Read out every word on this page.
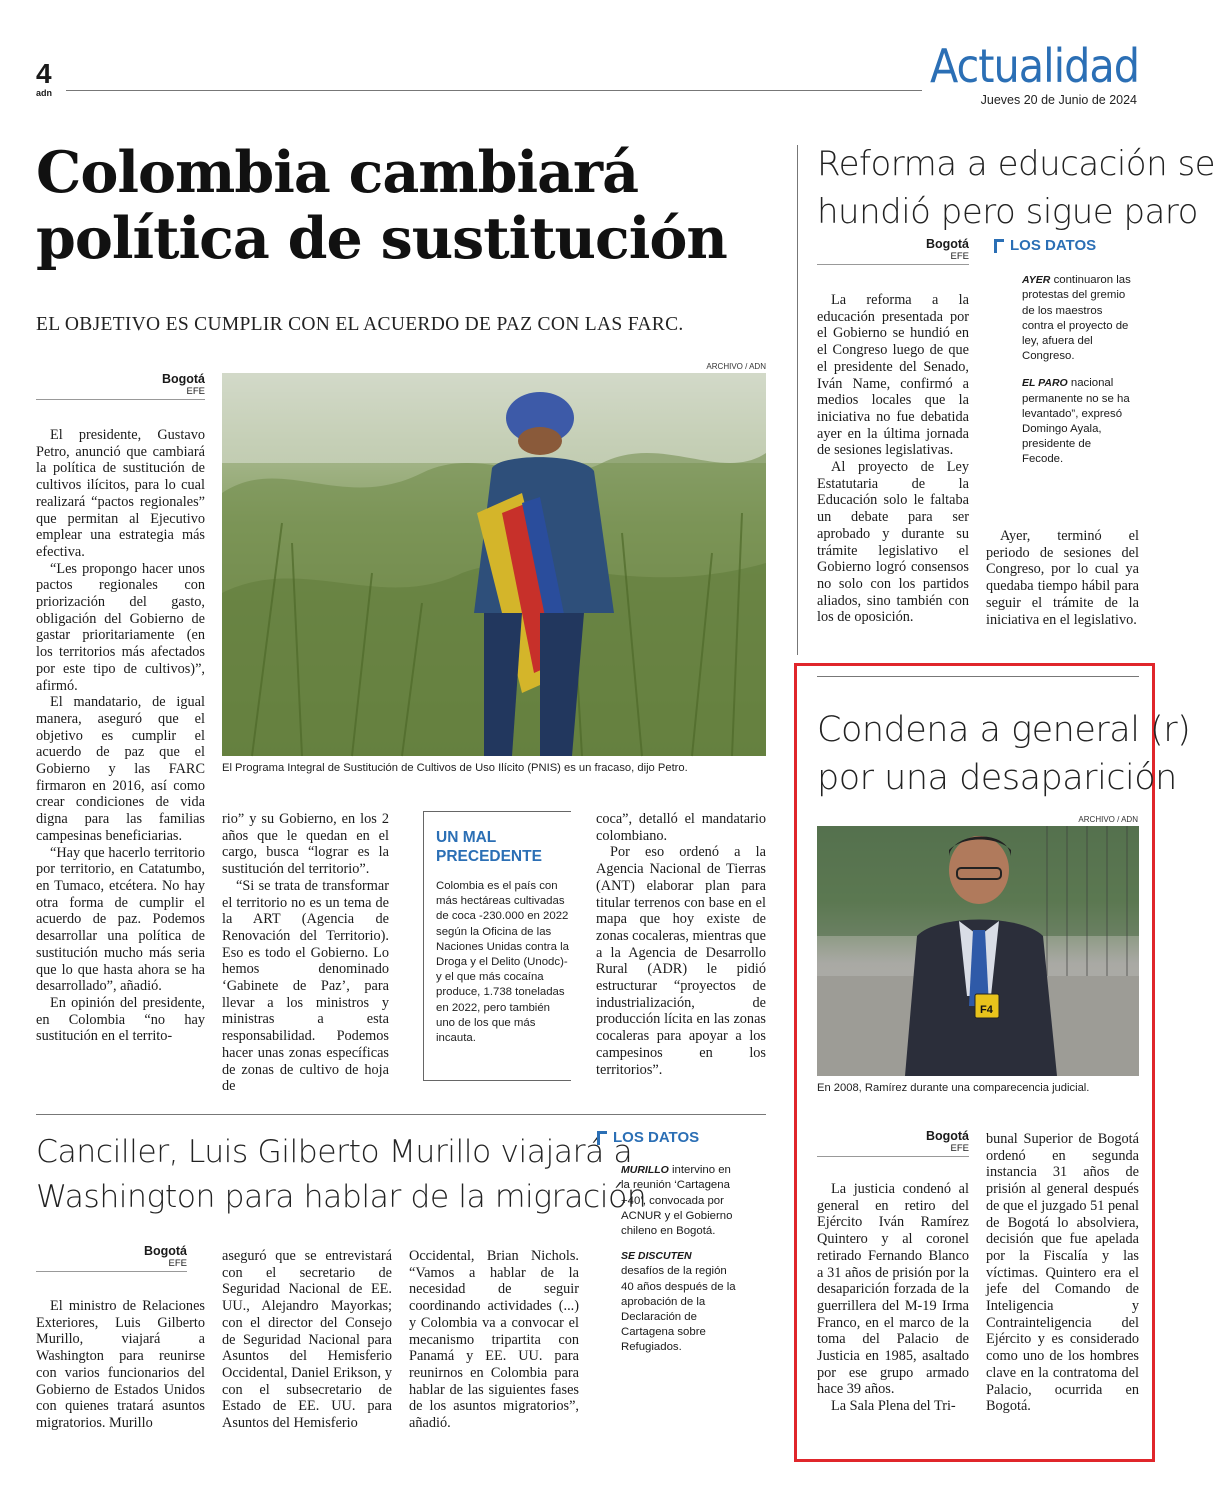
4
adn	Actualidad
Jueves 20 de Junio de 2024
Colombia cambiará
política de sustitución
EL OBJETIVO ES CUMPLIR CON EL ACUERDO DE PAZ CON LAS FARC.
Bogotá
EFE

El presidente, Gustavo Petro, anunció que cambiará la política de sustitución de cultivos ilícitos, para lo cual realizará “pactos regionales” que permitan al Ejecutivo emplear una estrategia más efectiva.

“Les propongo hacer unos pactos regionales con priorización del gasto, obligación del Gobierno de gastar prioritariamente (en los territorios más afectados por este tipo de cultivos)”, afirmó.

El mandatario, de igual manera, aseguró que el objetivo es cumplir el acuerdo de paz que el Gobierno y las FARC firmaron en 2016, así como crear condiciones de vida digna para las familias campesinas beneficiarias.

“Hay que hacerlo territorio por territorio, en Catatumbo, en Tumaco, etcétera. No hay otra forma de cumplir el acuerdo de paz. Podemos desarrollar una política de sustitución mucho más seria que lo que hasta ahora se ha desarrollado”, añadió.

En opinión del presidente, en Colombia “no hay sustitución en el territo-

ARCHIVO / ADN
El Programa Integral de Sustitución de Cultivos de Uso Ilícito (PNIS) es un fracaso, dijo Petro.

rio” y su Gobierno, en los 2 años que le quedan en el cargo, busca “lograr es la sustitución del territorio”.

“Si se trata de transformar el territorio no es un tema de la ART (Agencia de Renovación del Territorio). Eso es todo el Gobierno. Lo hemos denominado ‘Gabinete de Paz’, para llevar a los ministros y ministras a esta responsabilidad. Podemos hacer unas zonas específicas de zonas de cultivo de hoja de

UN MAL
PRECEDENTE
Colombia es el país con más hectáreas cultivadas de coca -230.000 en 2022 según la Oficina de las Naciones Unidas contra la Droga y el Delito (Unodc)- y el que más cocaína produce, 1.738 toneladas en 2022, pero también uno de los que más incauta.

coca”, detalló el mandatario colombiano.

Por eso ordenó a la Agencia Nacional de Tierras (ANT) elaborar plan para titular terrenos con base en el mapa que hoy existe de zonas cocaleras, mientras que a la Agencia de Desarrollo Rural (ADR) le pidió estructurar “proyectos de industrialización, de producción lícita en las zonas cocaleras para apoyar a los campesinos en los territorios”.

Reforma a educación se
hundió pero sigue paro
Bogotá
EFE

La reforma a la educación presentada por el Gobierno se hundió en el Congreso luego de que el presidente del Senado, Iván Name, confirmó a medios locales que la iniciativa no fue debatida ayer en la última jornada de sesiones legislativas.

Al proyecto de Ley Estatutaria de la Educación solo le faltaba un debate para ser aprobado y durante su trámite legislativo el Gobierno logró consensos no solo con los partidos aliados, sino también con los de oposición.

LOS DATOS
AYER continuaron las protestas del gremio de los maestros contra el proyecto de ley, afuera del Congreso.
EL PARO nacional permanente no se ha levantado”, expresó Domingo Ayala, presidente de Fecode.

Ayer, terminó el periodo de sesiones del Congreso, por lo cual ya quedaba tiempo hábil para seguir el trámite de la iniciativa en el legislativo.

Condena a general (r)
por una desaparición
ARCHIVO / ADN
F4
En 2008, Ramírez durante una comparecencia judicial.
Bogotá
EFE

La justicia condenó al general en retiro del Ejército Iván Ramírez Quintero y al coronel retirado Fernando Blanco a 31 años de prisión por la desaparición forzada de la guerrillera del M-19 Irma Franco, en el marco de la toma del Palacio de Justicia en 1985, asaltado por ese grupo armado hace 39 años.

La Sala Plena del Tri-

bunal Superior de Bogotá ordenó en segunda instancia 31 años de prisión al general después de que el juzgado 51 penal de Bogotá lo absolviera, decisión que fue apelada por la Fiscalía y las víctimas. Quintero era el jefe del Comando de Inteligencia y Contrainteligencia del Ejército y es considerado como uno de los hombres clave en la contratoma del Palacio, ocurrida en Bogotá.

Canciller, Luis Gilberto Murillo viajará a
Washington para hablar de la migración
Bogotá
EFE

El ministro de Relaciones Exteriores, Luis Gilberto Murillo, viajará a Washington para reunirse con varios funcionarios del Gobierno de Estados Unidos con quienes tratará asuntos migratorios. Murillo

aseguró que se entrevistará con el secretario de Seguridad Nacional de EE. UU., Alejandro Mayorkas; con el director del Consejo de Seguridad Nacional para Asuntos del Hemisferio Occidental, Daniel Erikson, y con el subsecretario de Estado de EE. UU. para Asuntos del Hemisferio

Occidental, Brian Nichols. “Vamos a hablar de la necesidad de seguir coordinando actividades (...) y Colombia va a convocar el mecanismo tripartita con Panamá y EE. UU. para reunirnos en Colombia para hablar de las siguientes fases de los asuntos migratorios”, añadió.

LOS DATOS
MURILLO intervino en la reunión ‘Cartagena +40’, convocada por ACNUR y el Gobierno chileno en Bogotá.
SE DISCUTEN desafíos de la región 40 años después de la aprobación de la Declaración de Cartagena sobre Refugiados.
